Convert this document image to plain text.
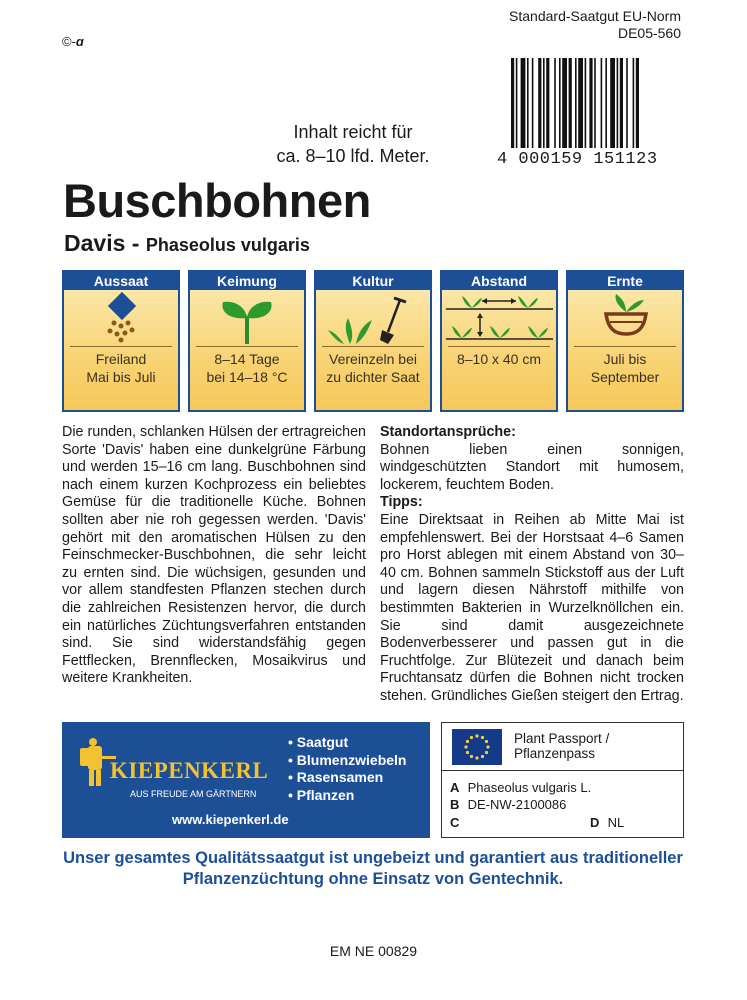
©-ɑ
Standard-Saatgut EU-Norm
DE05-560
4 000159 151123
Inhalt reicht für
ca. 8–10 lfd. Meter.
Buschbohnen
Davis - Phaseolus vulgaris
Aussaat
Freiland
Mai bis Juli
Keimung
8–14 Tage
bei 14–18 °C
Kultur
Vereinzeln bei
zu dichter Saat
Abstand
8–10 x 40 cm
Ernte
Juli bis
September
Die runden, schlanken Hülsen der ertragreichen Sorte 'Davis' haben eine dunkelgrüne Färbung und werden 15–16 cm lang. Buschbohnen sind nach einem kurzen Kochprozess ein beliebtes Gemüse für die traditionelle Küche. Bohnen sollten aber nie roh gegessen werden. 'Davis' gehört mit den aromatischen Hülsen zu den Feinschmecker-Buschbohnen, die sehr leicht zu ernten sind. Die wüchsigen, gesunden und vor allem standfesten Pflanzen stechen durch die zahlreichen Resistenzen hervor, die durch ein natürliches Züchtungsverfahren entstanden sind. Sie sind widerstandsfähig gegen Fettflecken, Brennflecken, Mosaikvirus und weitere Krankheiten.
Standortansprüche:
Bohnen lieben einen sonnigen, windgeschützten Standort mit humosem, lockerem, feuchtem Boden.
Tipps:
Eine Direktsaat in Reihen ab Mitte Mai ist empfehlenswert. Bei der Horstsaat 4–6 Samen pro Horst ablegen mit einem Abstand von 30–40 cm. Bohnen sammeln Stickstoff aus der Luft und lagern diesen Nährstoff mithilfe von bestimmten Bakterien in Wurzelknöllchen ein. Sie sind damit ausgezeichnete Bodenverbesserer und passen gut in die Fruchtfolge. Zur Blütezeit und danach beim Fruchtansatz dürfen die Bohnen nicht trocken stehen. Gründliches Gießen steigert den Ertrag.
KIEPENKERL
AUS FREUDE AM GÄRTNERN
www.kiepenkerl.de
• Saatgut
• Blumenzwiebeln
• Rasensamen
• Pflanzen
Plant Passport /
Pflanzenpass
A Phaseolus vulgaris L.
B DE-NW-2100086
C	D NL
Unser gesamtes Qualitätssaatgut ist ungebeizt und garantiert aus traditioneller Pflanzenzüchtung ohne Einsatz von Gentechnik.
EM NE 00829
